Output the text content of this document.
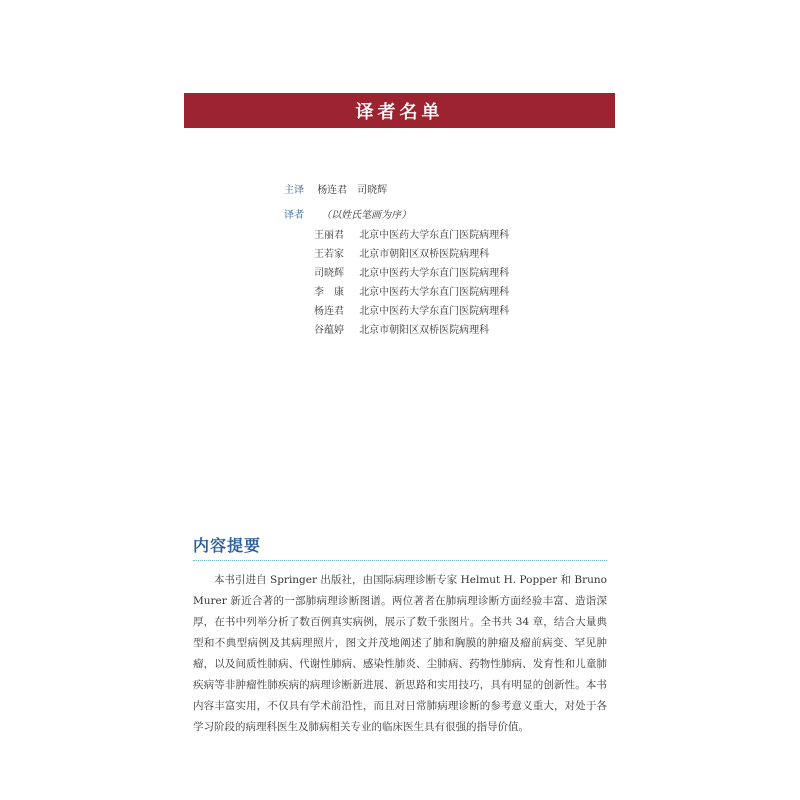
译者名单
主译 杨连君　司晓辉
译者 （以姓氏笔画为序）
王丽君 北京中医药大学东直门医院病理科
王若家 北京市朝阳区双桥医院病理科
司晓辉 北京中医药大学东直门医院病理科
李　康 北京中医药大学东直门医院病理科
杨连君 北京中医药大学东直门医院病理科
谷蕴婷 北京市朝阳区双桥医院病理科
内容提要
本书引进自 Springer 出版社，由国际病理诊断专家 Helmut H. Popper 和 Bruno Murer 新近合著的一部肺病理诊断图谱。两位著者在肺病理诊断方面经验丰富、造诣深厚，在书中列举分析了数百例真实病例，展示了数千张图片。全书共 34 章，结合大量典型和不典型病例及其病理照片，图文并茂地阐述了肺和胸膜的肿瘤及瘤前病变、罕见肿瘤，以及间质性肺病、代谢性肺病、感染性肺炎、尘肺病、药物性肺病、发育性和儿童肺疾病等非肿瘤性肺疾病的病理诊断新进展、新思路和实用技巧，具有明显的创新性。本书内容丰富实用，不仅具有学术前沿性，而且对日常肺病理诊断的参考意义重大，对处于各学习阶段的病理科医生及肺病相关专业的临床医生具有很强的指导价值。
